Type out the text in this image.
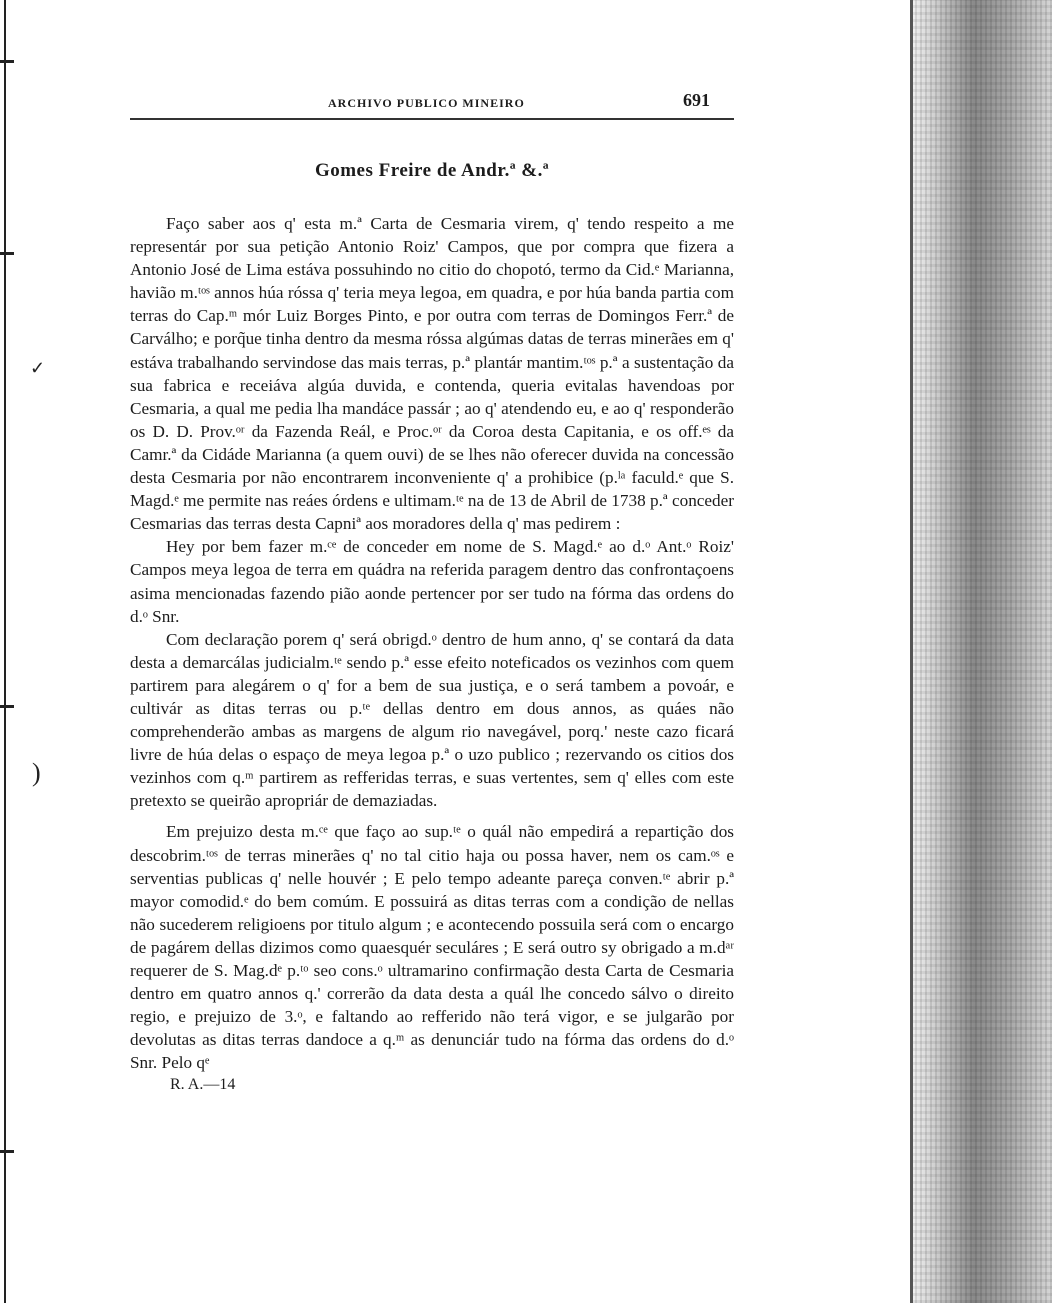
✓
)
ARCHIVO PUBLICO MINEIRO	691
Gomes Freire de Andr.ª &.ª

Faço saber aos q' esta m.ª Carta de Cesmaria virem, q' tendo respeito a me representár por sua petição Antonio Roiz' Campos, que por compra que fizera a Antonio José de Lima estáva possuhindo no citio do chopotó, termo da Cid.ᵉ Marianna, havião m.ᵗᵒˢ annos húa róssa q' teria meya legoa, em quadra, e por húa banda partia com terras do Cap.ᵐ mór Luiz Borges Pinto, e por outra com terras de Domingos Ferr.ª de Carválho; e porq̃ue tinha dentro da mesma róssa algúmas datas de terras minerães em q' estáva trabalhando servindose das mais terras, p.ª plantár mantim.ᵗᵒˢ p.ª a sustentação da sua fabrica e receiáva algúa duvida, e contenda, queria evitalas havendoas por Cesmaria, a qual me pedia lha mandáce passár ; ao q' atendendo eu, e ao q' responderão os D. D. Prov.ᵒʳ da Fazenda Reál, e Proc.ᵒʳ da Coroa desta Capitania, e os off.ᵉˢ da Camr.ª da Cidáde Marianna (a quem ouvi) de se lhes não oferecer duvida na concessão desta Cesmaria por não encontrarem inconveniente q' a prohibice (p.ˡᵃ faculd.ᵉ que S. Magd.ᵉ me permite nas reáes órdens e ultimam.ᵗᵉ na de 13 de Abril de 1738 p.ª conceder Cesmarias das terras desta Capniª aos moradores della q' mas pedirem :

Hey por bem fazer m.ᶜᵉ de conceder em nome de S. Magd.ᵉ ao d.ᵒ Ant.ᵒ Roiz' Campos meya legoa de terra em quádra na referida paragem dentro das confrontaçoens asima mencionadas fazendo pião aonde pertencer por ser tudo na fórma das ordens do d.ᵒ Snr.

Com declaração porem q' será obrigd.ᵒ dentro de hum anno, q' se contará da data desta a demarcálas judicialm.ᵗᵉ sendo p.ª esse efeito noteficados os vezinhos com quem partirem para alegárem o q' for a bem de sua justiça, e o será tambem a povoár, e cultivár as ditas terras ou p.ᵗᵉ dellas dentro em dous annos, as quáes não comprehenderão ambas as margens de algum rio navegável, porq.' neste cazo ficará livre de húa delas o espaço de meya legoa p.ª o uzo publico ; rezervando os citios dos vezinhos com q.ᵐ partirem as refferidas terras, e suas vertentes, sem q' elles com este pretexto se queirão apropriár de demaziadas.

Em prejuizo desta m.ᶜᵉ que faço ao sup.ᵗᵉ o quál não empedirá a repartição dos descobrim.ᵗᵒˢ de terras minerães q' no tal citio haja ou possa haver, nem os cam.ᵒˢ e serventias publicas q' nelle houvér ; E pelo tempo adeante pareça conven.ᵗᵉ abrir p.ª mayor comodid.ᵉ do bem comúm. E possuirá as ditas terras com a condição de nellas não sucederem religioens por titulo algum ; e acontecendo possuila será com o encargo de pagárem dellas dizimos como quaesquér seculáres ; E será outro sy obrigado a m.dᵃʳ requerer de S. Mag.dᵉ p.ᵗᵒ seo cons.ᵒ ultramarino confirmação desta Carta de Cesmaria dentro em quatro annos q.' correrão da data desta a quál lhe concedo sálvo o direito regio, e prejuizo de 3.ᵒ, e faltando ao refferido não terá vigor, e se julgarão por devolutas as ditas terras dandoce a q.ᵐ as denunciár tudo na fórma das ordens do d.ᵒ Snr. Pelo qᵉ

R. A.—14
